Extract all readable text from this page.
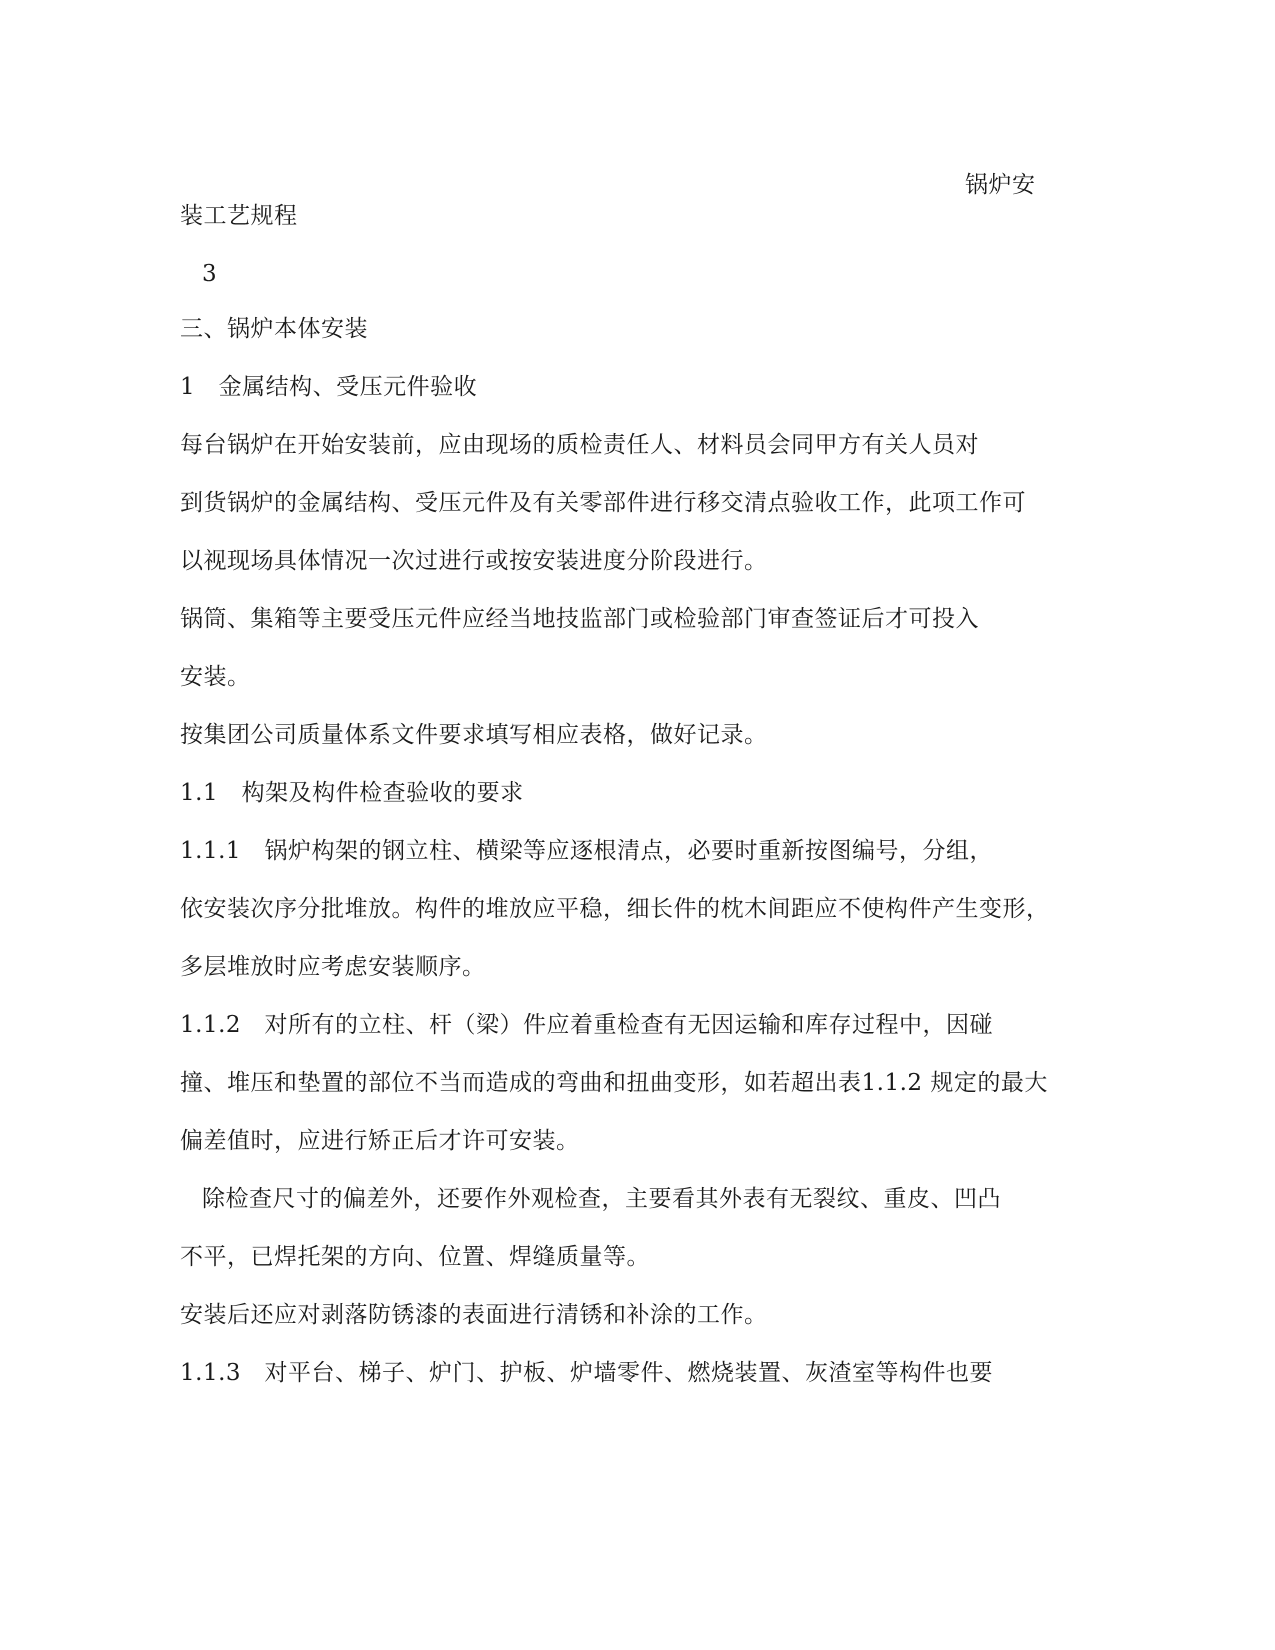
锅炉安
装工艺规程
3
三、锅炉本体安装
1　金属结构、受压元件验收
每台锅炉在开始安装前，应由现场的质检责任人、材料员会同甲方有关人员对
到货锅炉的金属结构、受压元件及有关零部件进行移交清点验收工作，此项工作可
以视现场具体情况一次过进行或按安装进度分阶段进行。
锅筒、集箱等主要受压元件应经当地技监部门或检验部门审查签证后才可投入
安装。
按集团公司质量体系文件要求填写相应表格，做好记录。
1.1　构架及构件检查验收的要求
1.1.1　锅炉构架的钢立柱、横梁等应逐根清点，必要时重新按图编号，分组，
依安装次序分批堆放。构件的堆放应平稳，细长件的枕木间距应不使构件产生变形，
多层堆放时应考虑安装顺序。
1.1.2　对所有的立柱、杆（梁）件应着重检查有无因运输和库存过程中，因碰
撞、堆压和垫置的部位不当而造成的弯曲和扭曲变形，如若超出表1.1.2 规定的最大
偏差值时，应进行矫正后才许可安装。
除检查尺寸的偏差外，还要作外观检查，主要看其外表有无裂纹、重皮、凹凸
不平，已焊托架的方向、位置、焊缝质量等。
安装后还应对剥落防锈漆的表面进行清锈和补涂的工作。
1.1.3　对平台、梯子、炉门、护板、炉墙零件、燃烧装置、灰渣室等构件也要
